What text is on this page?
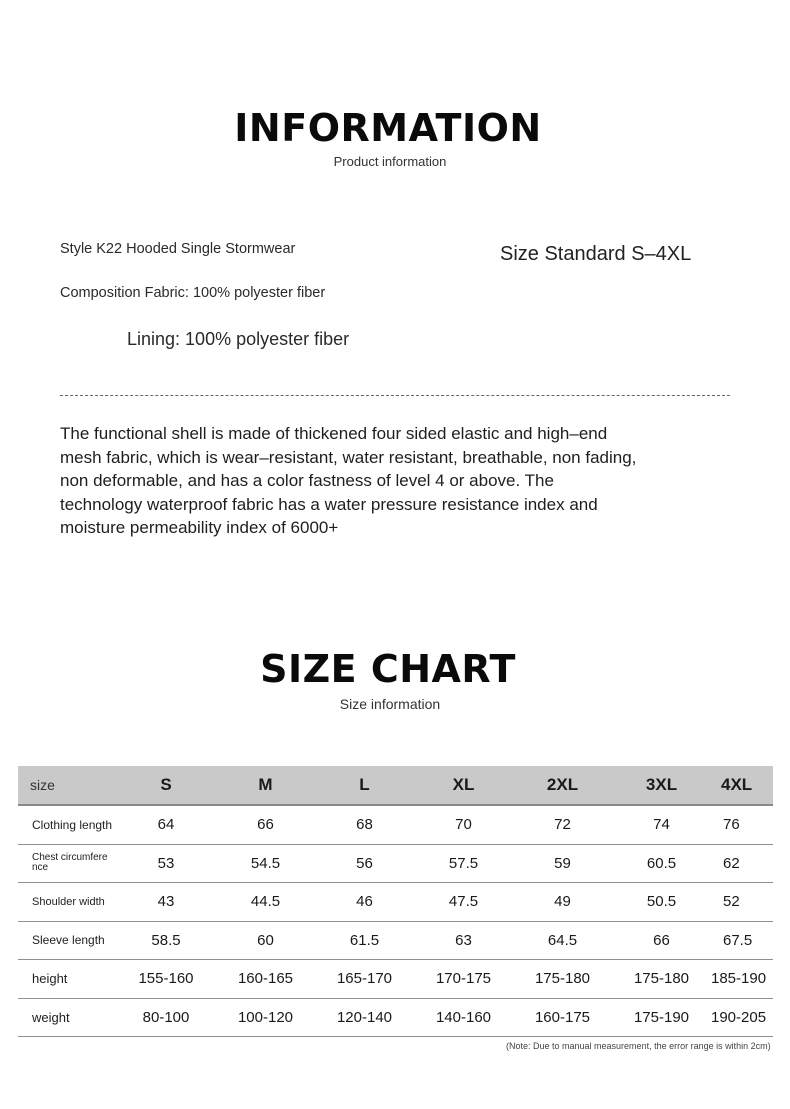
INFORMATION
Product information
Style K22 Hooded Single Stormwear	Size Standard S–4XL
Composition Fabric: 100% polyester fiber
Lining: 100% polyester fiber
The functional shell is made of thickened four sided elastic and high–end
mesh fabric, which is wear–resistant, water resistant, breathable, non fading,
non deformable, and has a color fastness of level 4 or above. The
technology waterproof fabric has a water pressure resistance index and
moisture permeability index of 6000+
SIZE CHART
Size information
size	S	M	L	XL	2XL	3XL	4XL
Clothing length	64	66	68	70	72	74	76
Chest circumfere nce	53	54.5	56	57.5	59	60.5	62
Shoulder width	43	44.5	46	47.5	49	50.5	52
Sleeve length	58.5	60	61.5	63	64.5	66	67.5
height	155-160	160-165	165-170	170-175	175-180	175-180	185-190
weight	80-100	100-120	120-140	140-160	160-175	175-190	190-205
(Note: Due to manual measurement, the error range is within 2cm)
